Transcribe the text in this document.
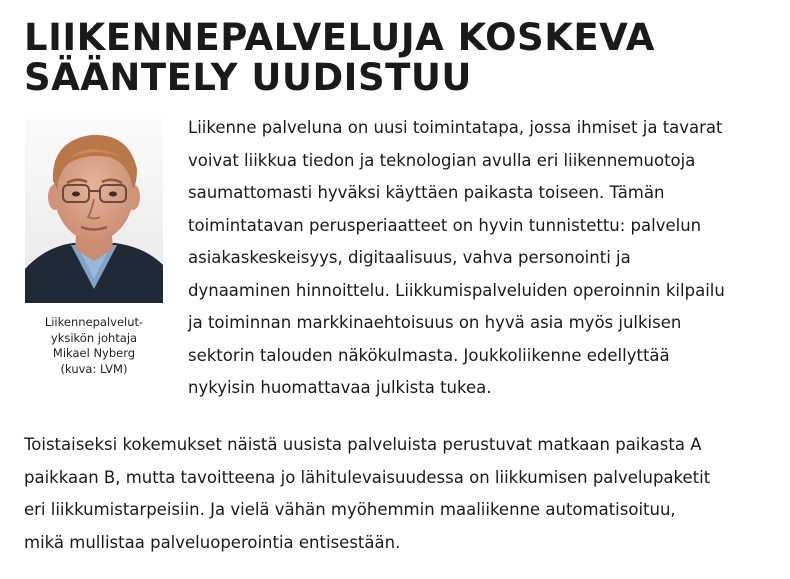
LIIKENNEPALVELUJA KOSKEVA
SÄÄNTELY UUDISTUU
Liikennepalvelut-
yksikön johtaja
Mikael Nyberg
(kuva: LVM)
Liikenne palveluna on uusi toimintatapa, jossa ihmiset ja tavarat
voivat liikkua tiedon ja teknologian avulla eri liikennemuotoja
saumattomasti hyväksi käyttäen paikasta toiseen. Tämän
toimintatavan perusperiaatteet on hyvin tunnistettu: palvelun
asiakaskeskeisyys, digitaalisuus, vahva personointi ja
dynaaminen hinnoittelu. Liikkumispalveluiden operoinnin kilpailu
ja toiminnan markkinaehtoisuus on hyvä asia myös julkisen
sektorin talouden näkökulmasta. Joukkoliikenne edellyttää
nykyisin huomattavaa julkista tukea.
Toistaiseksi kokemukset näistä uusista palveluista perustuvat matkaan paikasta A
paikkaan B, mutta tavoitteena jo lähitulevaisuudessa on liikkumisen palvelupaketit
eri liikkumistarpeisiin. Ja vielä vähän myöhemmin maaliikenne automatisoituu,
mikä mullistaa palveluoperointia entisestään.
